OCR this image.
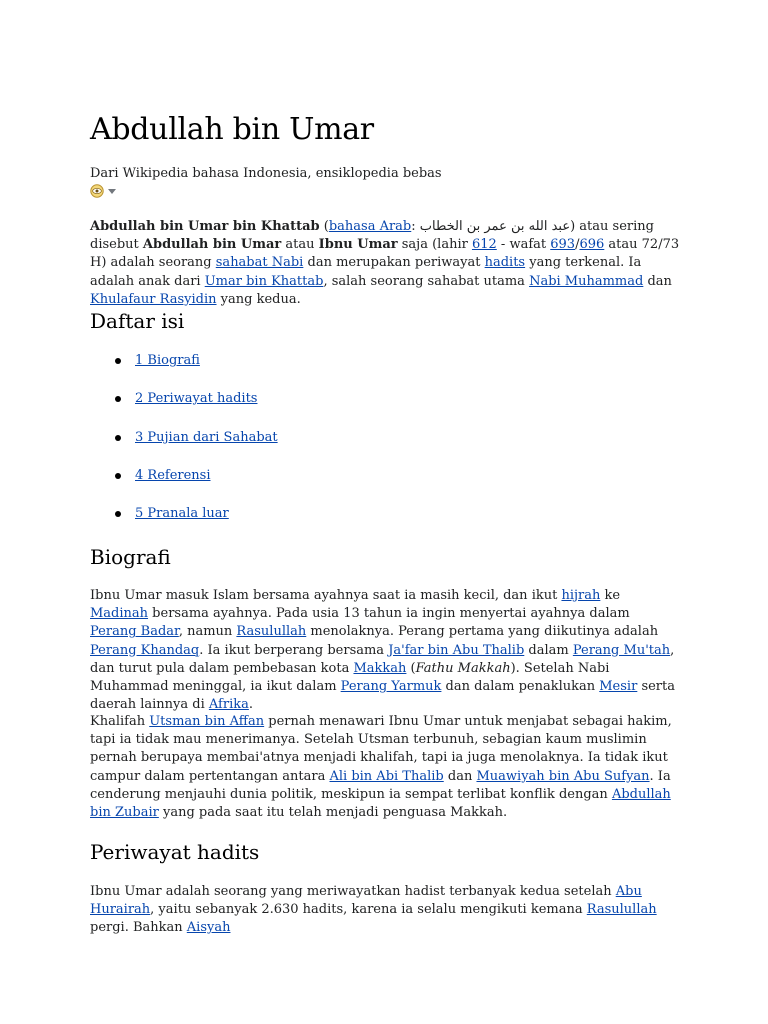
Abdullah bin Umar
Dari Wikipedia bahasa Indonesia, ensiklopedia bebas

Abdullah bin Umar bin Khattab (bahasa Arab: عبد الله بن عمر بن الخطاب) atau sering disebut Abdullah bin Umar atau Ibnu Umar saja (lahir 612 - wafat 693/696 atau 72/73 H) adalah seorang sahabat Nabi dan merupakan periwayat hadits yang terkenal. Ia adalah anak dari Umar bin Khattab, salah seorang sahabat utama Nabi Muhammad dan Khulafaur Rasyidin yang kedua.

Daftar isi
1 Biografi
2 Periwayat hadits
3 Pujian dari Sahabat
4 Referensi
5 Pranala luar
Biografi

Ibnu Umar masuk Islam bersama ayahnya saat ia masih kecil, dan ikut hijrah ke Madinah bersama ayahnya. Pada usia 13 tahun ia ingin menyertai ayahnya dalam Perang Badar, namun Rasulullah menolaknya. Perang pertama yang diikutinya adalah Perang Khandaq. Ia ikut berperang bersama Ja'far bin Abu Thalib dalam Perang Mu'tah, dan turut pula dalam pembebasan kota Makkah (Fathu Makkah). Setelah Nabi Muhammad meninggal, ia ikut dalam Perang Yarmuk dan dalam penaklukan Mesir serta daerah lainnya di Afrika.

Khalifah Utsman bin Affan pernah menawari Ibnu Umar untuk menjabat sebagai hakim, tapi ia tidak mau menerimanya. Setelah Utsman terbunuh, sebagian kaum muslimin pernah berupaya membai'atnya menjadi khalifah, tapi ia juga menolaknya. Ia tidak ikut campur dalam pertentangan antara Ali bin Abi Thalib dan Muawiyah bin Abu Sufyan. Ia cenderung menjauhi dunia politik, meskipun ia sempat terlibat konflik dengan Abdullah bin Zubair yang pada saat itu telah menjadi penguasa Makkah.

Periwayat hadits

Ibnu Umar adalah seorang yang meriwayatkan hadist terbanyak kedua setelah Abu Hurairah, yaitu sebanyak 2.630 hadits, karena ia selalu mengikuti kemana Rasulullah pergi. Bahkan Aisyah
